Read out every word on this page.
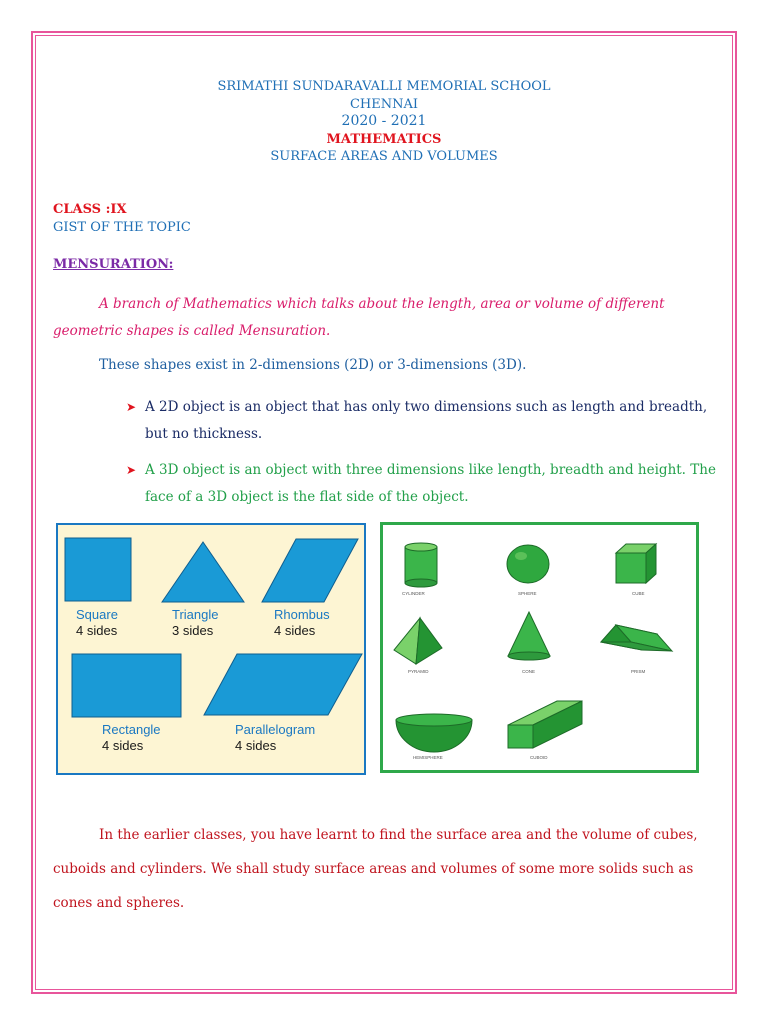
SRIMATHI SUNDARAVALLI MEMORIAL SCHOOL
CHENNAI
2020 - 2021
MATHEMATICS
SURFACE AREAS AND VOLUMES
CLASS :IX
GIST OF THE TOPIC
MENSURATION:

A branch of Mathematics which talks about the length, area or volume of different geometric shapes is called Mensuration.

These shapes exist in 2-dimensions (2D) or 3-dimensions (3D).
➤ A 2D object is an object that has only two dimensions such as length and breadth, but no thickness.
➤ A 3D object is an object with three dimensions like length, breadth and height. The face of a 3D object is the flat side of the object.
Square
4 sides
Triangle
3 sides
Rhombus
4 sides
Rectangle
4 sides
Parallelogram
4 sides
CYLINDER	SPHERE	CUBE
PYRAMID	CONE	PRISM
HEMISPHERE	CUBOID

In the earlier classes, you have learnt to find the surface area and the volume of cubes, cuboids and cylinders. We shall study surface areas and volumes of some more solids such as cones and spheres.
